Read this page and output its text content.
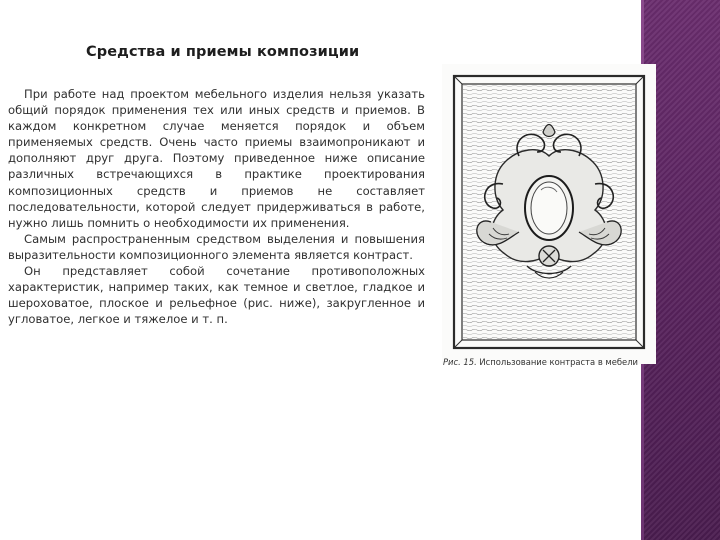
Средства и приемы композиции

При работе над проектом мебельного изделия нельзя указать общий порядок применения тех или иных средств и приемов. В каждом конкретном случае меняется порядок и объем применяемых средств. Очень часто приемы взаимопроникают и дополняют друг друга. Поэтому приведенное ниже описание различных встречающихся в практике проектирования композиционных средств и приемов не составляет последовательности, которой следует придерживаться в работе, нужно лишь помнить о необходимости их применения.

Самым распространенным средством выделения и повышения выразительности композиционного элемента является контраст.

Он представляет собой сочетание противоположных характеристик, например таких, как темное и светлое, гладкое и шероховатое, плоское и рельефное (рис. ниже), закругленное и угловатое, легкое и тяжелое и т. п.

Рис. 15. Использование контраста в мебели
